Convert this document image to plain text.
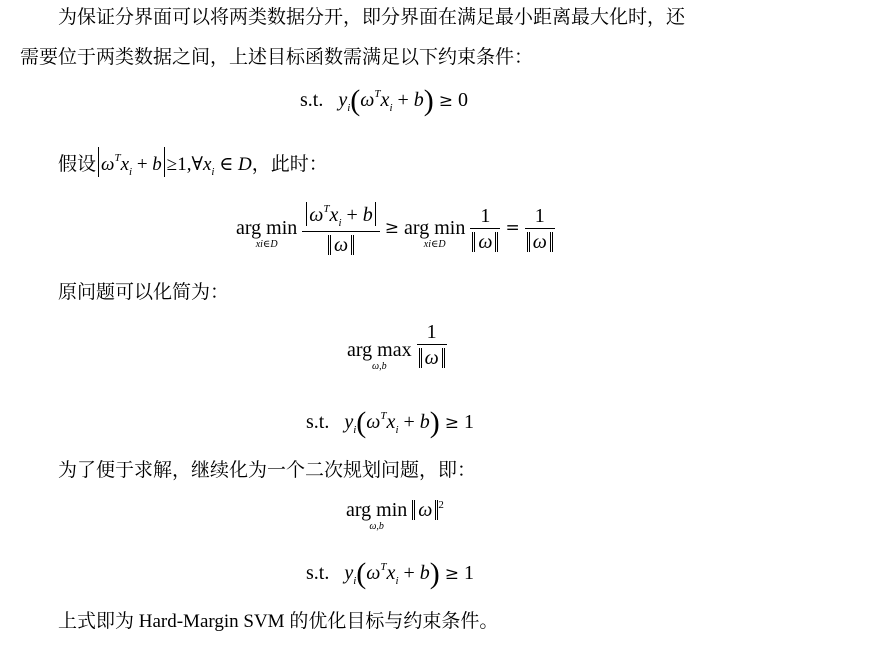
为保证分界面可以将两类数据分开，即分界面在满足最小距离最大化时，还
需要位于两类数据之间，上述目标函数需满足以下约束条件：
s.t. $y_i(\omega^Tx_i + b) \ge 0$
假设 $\omega^Tx_i + b$ $\ge 1,\forall x_i$ ∈ D，此时：
arg min
xi∈D
	$\frac{\omega^Tx_i + b}{\omega}$ ≥ arg min
xi∈D
	$\frac{1}{\omega} = \frac{1}{\omega}$
原问题可以化简为：
arg max
ω,b
	$\frac{1}{\omega}$
s.t. $y_i(\omega^Tx_i + b) \ge 1$
为了便于求解，继续化为一个二次规划问题，即：
arg min
ω,b
ω $^2$
s.t. $y_i(\omega^Tx_i + b) \ge 1$
上式即为 Hard-Margin SVM 的优化目标与约束条件。
